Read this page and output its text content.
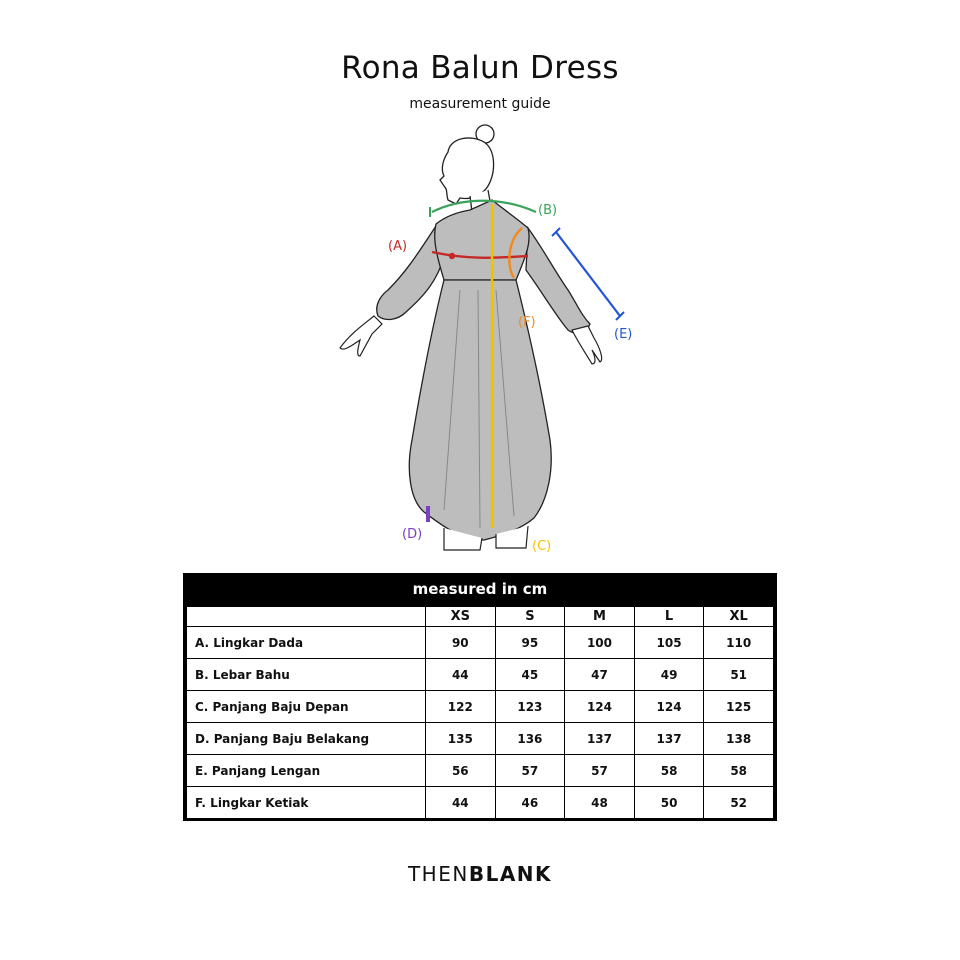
Rona Balun Dress
measurement guide
(A)
(B)
(F)
(E)
(D)
(C)
measured in cm
	XS	S	M	L	XL
A. Lingkar Dada	90	95	100	105	110
B. Lebar Bahu	44	45	47	49	51
C. Panjang Baju Depan	122	123	124	124	125
D. Panjang Baju Belakang	135	136	137	137	138
E. Panjang Lengan	56	57	57	58	58
F. Lingkar Ketiak	44	46	48	50	52
THENBLANK
